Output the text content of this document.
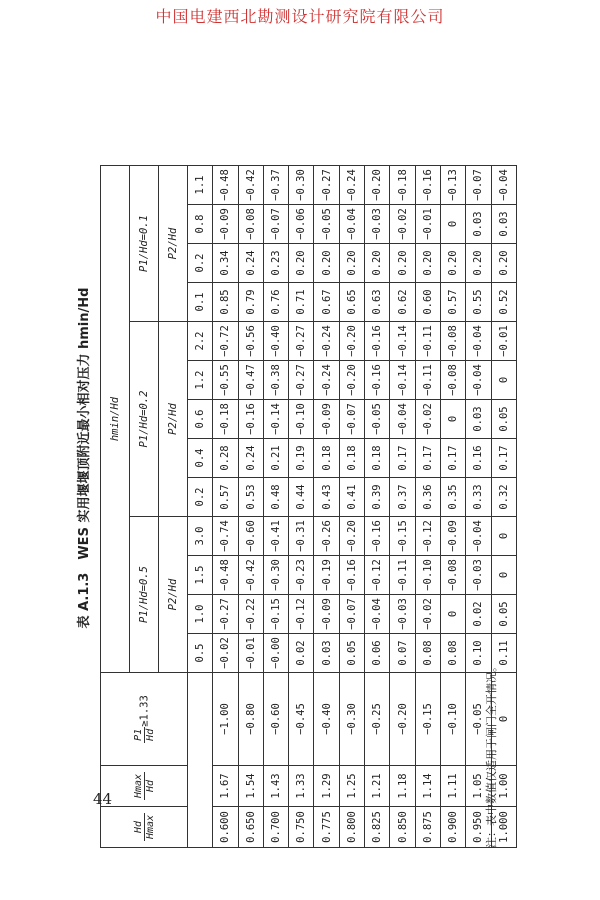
中国电建西北勘测设计研究院有限公司
表 A.1.3　WES 实用堰堰顶附近最小相对压力 hmin/Hd
Hd Hmax	Hmax Hd	P1 Hd
≥1.33	hmin/Hd												
			P1/Hd=0.5				P1/Hd=0.2					P1/Hd=0.1			
			P2/Hd				P2/Hd					P2/Hd			
			0.5	1.0	1.5	3.0	0.2	0.4	0.6	1.2	2.2	0.1	0.2	0.8	1.1
0.600	1.67	−1.00	−0.02	−0.27	−0.48	−0.74	0.57	0.28	−0.18	−0.55	−0.72	0.85	0.34	−0.09	−0.48
0.650	1.54	−0.80	−0.01	−0.22	−0.42	−0.60	0.53	0.24	−0.16	−0.47	−0.56	0.79	0.24	−0.08	−0.42
0.700	1.43	−0.60	−0.00	−0.15	−0.30	−0.41	0.48	0.21	−0.14	−0.38	−0.40	0.76	0.23	−0.07	−0.37
0.750	1.33	−0.45	0.02	−0.12	−0.23	−0.31	0.44	0.19	−0.10	−0.27	−0.27	0.71	0.20	−0.06	−0.30
0.775	1.29	−0.40	0.03	−0.09	−0.19	−0.26	0.43	0.18	−0.09	−0.24	−0.24	0.67	0.20	−0.05	−0.27
0.800	1.25	−0.30	0.05	−0.07	−0.16	−0.20	0.41	0.18	−0.07	−0.20	−0.20	0.65	0.20	−0.04	−0.24
0.825	1.21	−0.25	0.06	−0.04	−0.12	−0.16	0.39	0.18	−0.05	−0.16	−0.16	0.63	0.20	−0.03	−0.20
0.850	1.18	−0.20	0.07	−0.03	−0.11	−0.15	0.37	0.17	−0.04	−0.14	−0.14	0.62	0.20	−0.02	−0.18
0.875	1.14	−0.15	0.08	−0.02	−0.10	−0.12	0.36	0.17	−0.02	−0.11	−0.11	0.60	0.20	−0.01	−0.16
0.900	1.11	−0.10	0.08	0	−0.08	−0.09	0.35	0.17	0	−0.08	−0.08	0.57	0.20	0	−0.13
0.950	1.05	−0.05	0.10	0.02	−0.03	−0.04	0.33	0.16	0.03	−0.04	−0.04	0.55	0.20	0.03	−0.07
1.000	1.00	0	0.11	0.05	0	0	0.32	0.17	0.05	0	−0.01	0.52	0.20	0.03	−0.04
注：表中数值仅适用于闸门全开情况。
44
